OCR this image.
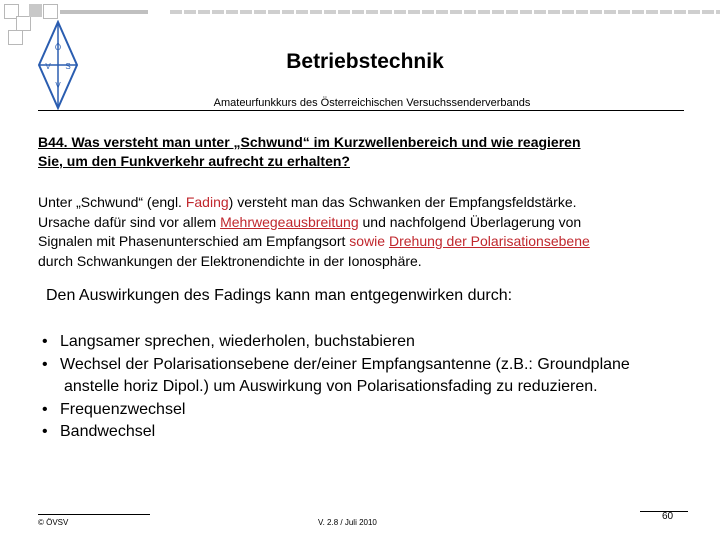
Ö
V S
V
Betriebstechnik
Amateurfunkkurs des Österreichischen Versuchssenderverbands
B44. Was versteht man unter „Schwund“ im Kurzwellenbereich und wie reagieren
Sie, um den Funkverkehr aufrecht zu erhalten?
Unter „Schwund“ (engl. Fading) versteht man das Schwanken der Empfangsfeldstärke.
Ursache dafür sind vor allem Mehrwegeausbreitung und nachfolgend Überlagerung von
Signalen mit Phasenunterschied am Empfangsort sowie Drehung der Polarisationsebene
durch Schwankungen der Elektronendichte in der Ionosphäre.
Den Auswirkungen des Fadings kann man entgegenwirken durch:
• Langsamer sprechen, wiederholen, buchstabieren
• Wechsel der Polarisationsebene der/einer Empfangsantenne (z.B.: Groundplane
anstelle horiz Dipol.) um Auswirkung von Polarisationsfading zu reduzieren.
• Frequenzwechsel
• Bandwechsel
© ÖVSV	V. 2.8 / Juli 2010
60
